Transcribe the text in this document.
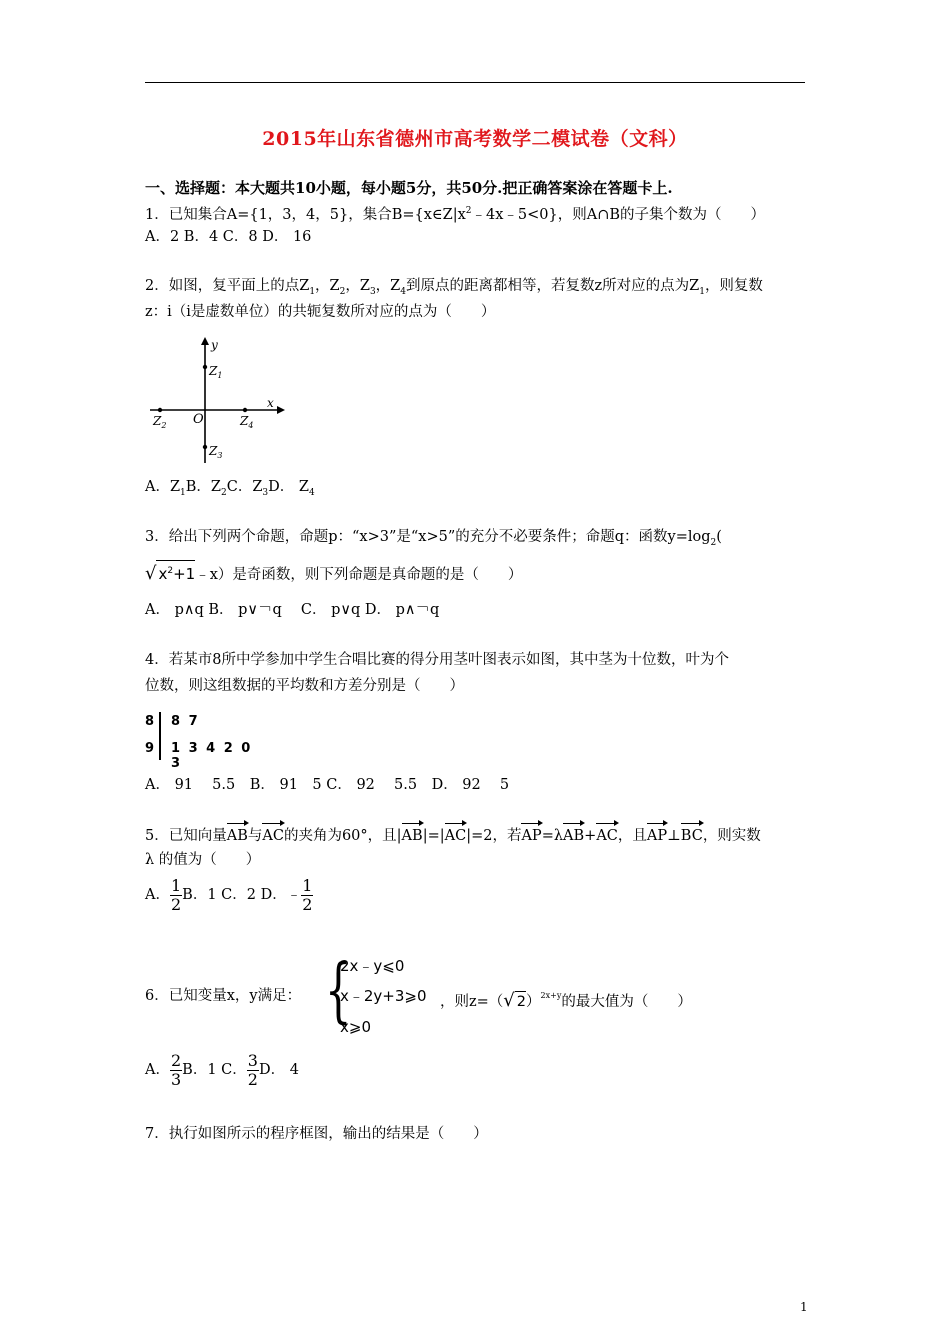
2015年山东省德州市高考数学二模试卷（文科）
一、选择题：本大题共10小题，每小题5分，共50分.把正确答案涂在答题卡上.
1．已知集合A={1，3，4，5}，集合$B=\{x\in Z|x^2﹣4x﹣5<0\}$，则A∩B的子集个数为（　　）
A．2 B．4 C．8 D． 16
2．如图，复平面上的点$Z_1$，$Z_2$，$Z_3$，$Z_4$到原点的距离都相等，若复数z所对应的点为$Z_1$，则复数
z：i（i是虚数单位）的共轭复数所对应的点为（　　）
y
x
O
$Z_1$
$Z_2$
$Z_3$
$Z_4$
A．$Z_1B$．$Z_2C$．$Z_3D$． $Z_4$
3．给出下列两个命题，命题p：“x>3”是“x>5”的充分不必要条件；命题q：函数$y=\log_2$(
√ $x^2+1﹣x$）是奇函数，则下列命题是真命题的是（　　）
A． p∧q B． p∨￢q　 C． p∨q D． p∧￢q
4．若某市8所中学参加中学生合唱比赛的得分用茎叶图表示如图，其中茎为十位数，叶为个
位数，则这组数据的平均数和方差分别是（　　）
8
9
8 7
1 3 4 2 0 3
A． 91　 5.5　B． 91　5 C． 92　 5.5　D． 92　 5
5．已知向量AB与AC的夹角为60°，且|AB|=|AC|=2，若AP=λAB+AC，且AP⊥BC，则实数
λ 的值为（　　）
A． $\frac{1}{2}$ B．1 C．2 D．﹣ $\frac{1}{2}$
6．已知变量x，y满足： {
2x﹣y⩽0
x﹣2y+3⩾0
x⩾0
，则z=（√ 2）$^{2x+y}$的最大值为（　　）
A． $\frac{2}{3}$ B．1 C． $\frac{3}{2}$ D． 4
7．执行如图所示的程序框图，输出的结果是（　　）
1
